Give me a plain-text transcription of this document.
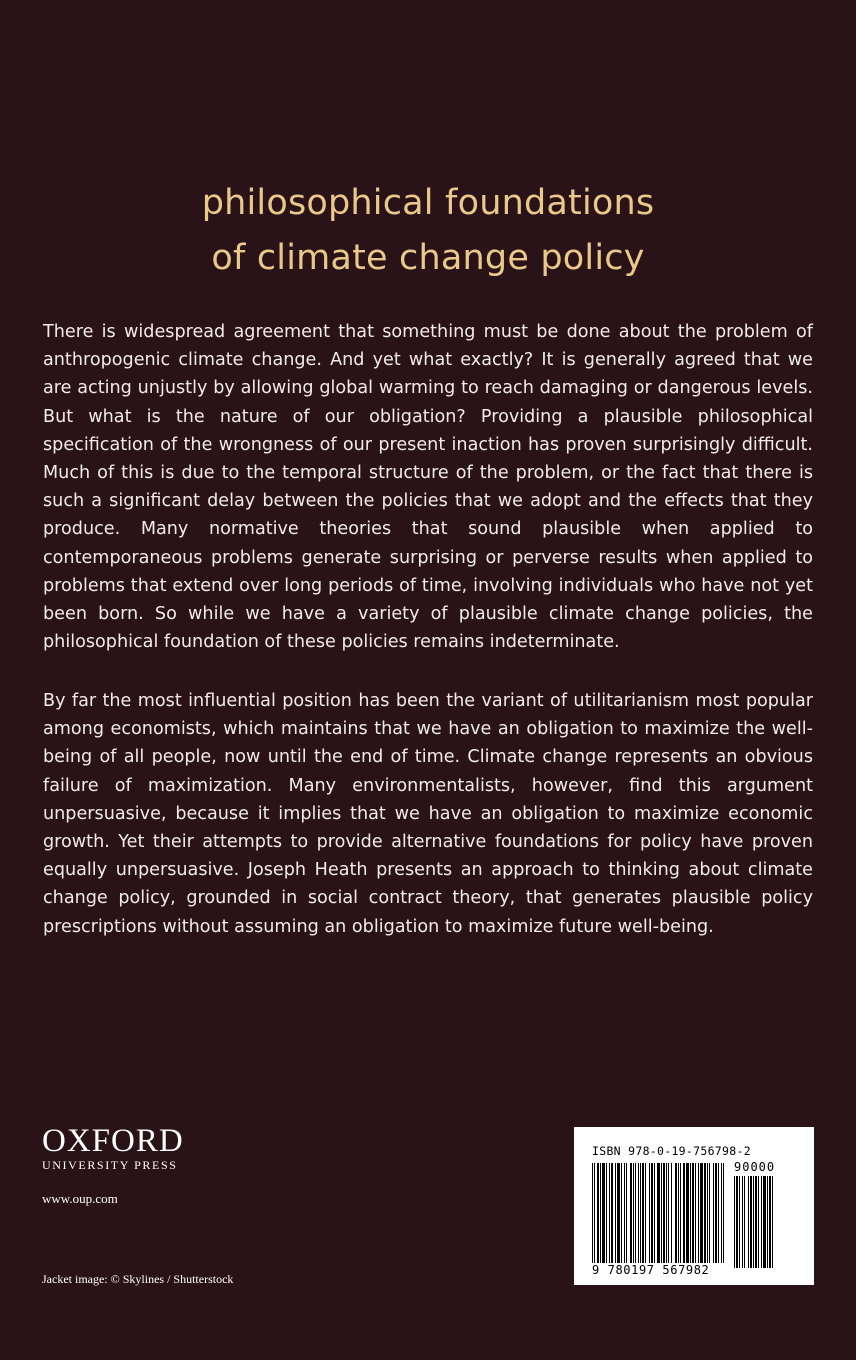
philosophical foundations
of climate change policy

There is widespread agreement that something must be done about the problem of anthropogenic climate change. And yet what exactly? It is generally agreed that we are acting unjustly by allowing global warming to reach damaging or dangerous levels. But what is the nature of our obligation? Providing a plausible philosophical specification of the wrongness of our present inaction has proven surprisingly difficult. Much of this is due to the temporal structure of the problem, or the fact that there is such a significant delay between the policies that we adopt and the effects that they produce. Many normative theories that sound plausible when applied to contemporaneous problems generate surprising or perverse results when applied to problems that extend over long periods of time, involving individuals who have not yet been born. So while we have a variety of plausible climate change policies, the philosophical foundation of these policies remains indeterminate.

By far the most influential position has been the variant of utilitarianism most popular among economists, which maintains that we have an obligation to maximize the well-being of all people, now until the end of time. Climate change represents an obvious failure of maximization. Many environmentalists, however, find this argument unpersuasive, because it implies that we have an obligation to maximize economic growth. Yet their attempts to provide alternative foundations for policy have proven equally unpersuasive. Joseph Heath presents an approach to thinking about climate change policy, grounded in social contract theory, that generates plausible policy prescriptions without assuming an obligation to maximize future well-being.

OXFORD
UNIVERSITY PRESS
www.oup.com
Jacket image: © Skylines / Shutterstock
ISBN 978-0-19-756798-2
90000
9 780197 567982
